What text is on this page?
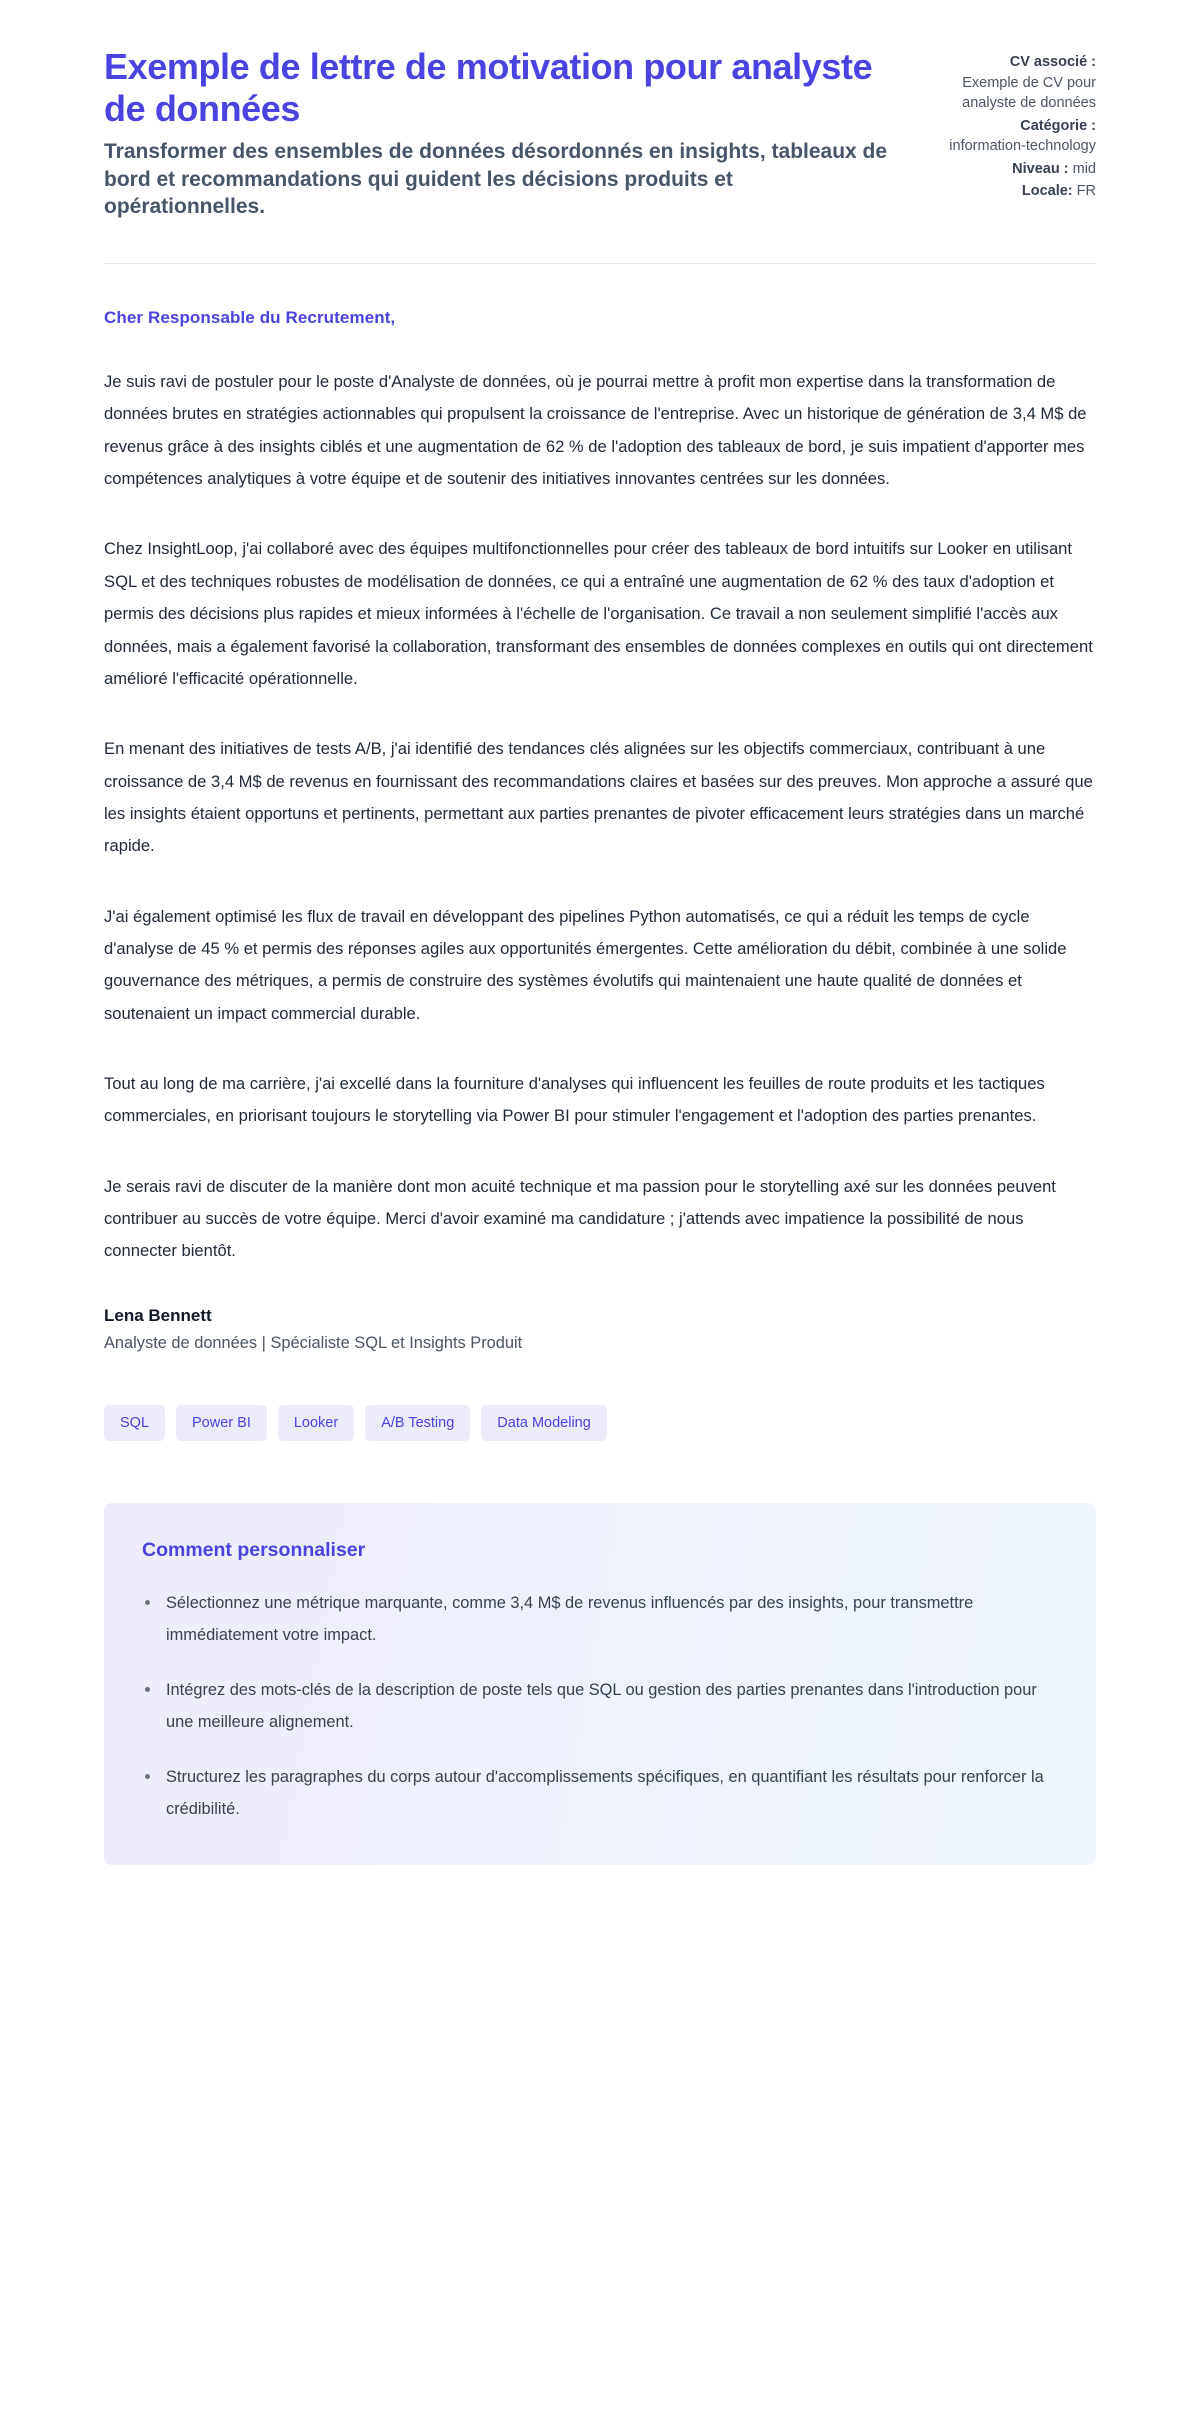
Exemple de lettre de motivation pour analyste de données

Transformer des ensembles de données désordonnés en insights, tableaux de bord et recommandations qui guident les décisions produits et opérationnelles.

CV associé :
Exemple de CV pour analyste de données
Catégorie :
information-technology
Niveau : mid
Locale: FR

Cher Responsable du Recrutement,

Je suis ravi de postuler pour le poste d'Analyste de données, où je pourrai mettre à profit mon expertise dans la transformation de données brutes en stratégies actionnables qui propulsent la croissance de l'entreprise. Avec un historique de génération de 3,4 M$ de revenus grâce à des insights ciblés et une augmentation de 62 % de l'adoption des tableaux de bord, je suis impatient d'apporter mes compétences analytiques à votre équipe et de soutenir des initiatives innovantes centrées sur les données.

Chez InsightLoop, j'ai collaboré avec des équipes multifonctionnelles pour créer des tableaux de bord intuitifs sur Looker en utilisant SQL et des techniques robustes de modélisation de données, ce qui a entraîné une augmentation de 62 % des taux d'adoption et permis des décisions plus rapides et mieux informées à l'échelle de l'organisation. Ce travail a non seulement simplifié l'accès aux données, mais a également favorisé la collaboration, transformant des ensembles de données complexes en outils qui ont directement amélioré l'efficacité opérationnelle.

En menant des initiatives de tests A/B, j'ai identifié des tendances clés alignées sur les objectifs commerciaux, contribuant à une croissance de 3,4 M$ de revenus en fournissant des recommandations claires et basées sur des preuves. Mon approche a assuré que les insights étaient opportuns et pertinents, permettant aux parties prenantes de pivoter efficacement leurs stratégies dans un marché rapide.

J'ai également optimisé les flux de travail en développant des pipelines Python automatisés, ce qui a réduit les temps de cycle d'analyse de 45 % et permis des réponses agiles aux opportunités émergentes. Cette amélioration du débit, combinée à une solide gouvernance des métriques, a permis de construire des systèmes évolutifs qui maintenaient une haute qualité de données et soutenaient un impact commercial durable.

Tout au long de ma carrière, j'ai excellé dans la fourniture d'analyses qui influencent les feuilles de route produits et les tactiques commerciales, en priorisant toujours le storytelling via Power BI pour stimuler l'engagement et l'adoption des parties prenantes.

Je serais ravi de discuter de la manière dont mon acuité technique et ma passion pour le storytelling axé sur les données peuvent contribuer au succès de votre équipe. Merci d'avoir examiné ma candidature ; j'attends avec impatience la possibilité de nous connecter bientôt.

Lena Bennett

Analyste de données | Spécialiste SQL et Insights Produit

SQL	Power BI	Looker	A/B Testing	Data Modeling
Comment personnaliser
Sélectionnez une métrique marquante, comme 3,4 M$ de revenus influencés par des insights, pour transmettre immédiatement votre impact.
Intégrez des mots-clés de la description de poste tels que SQL ou gestion des parties prenantes dans l'introduction pour une meilleure alignement.
Structurez les paragraphes du corps autour d'accomplissements spécifiques, en quantifiant les résultats pour renforcer la crédibilité.
